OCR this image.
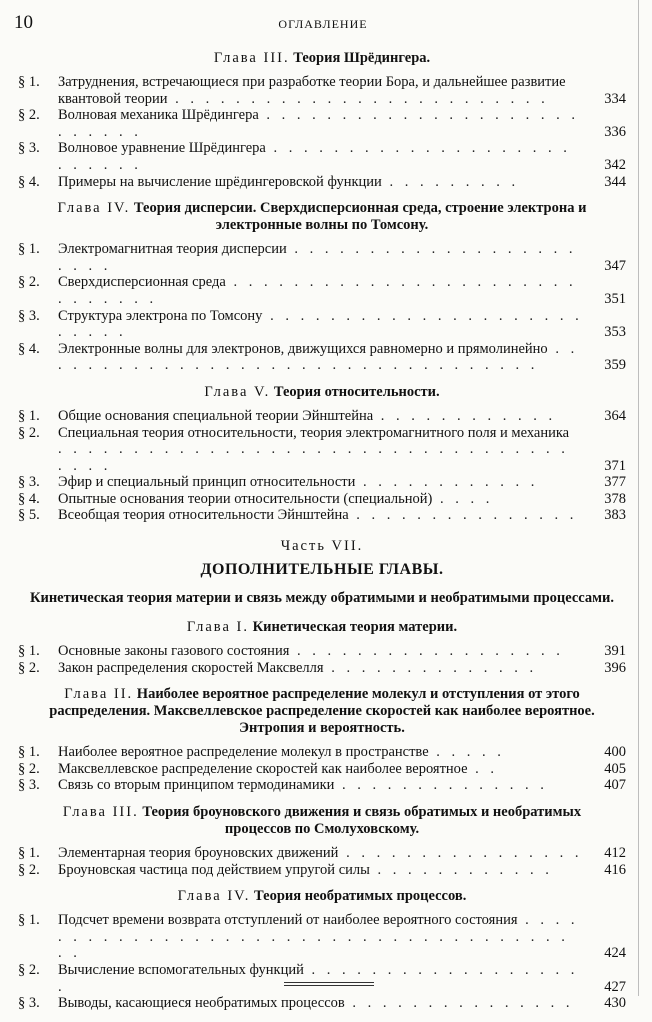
10	ОГЛАВЛЕНИЕ
Глава III. Теория Шрёдингера.
§ 1. Затруднения, встречающиеся при разработке теории Бора, и дальнейшее развитие квантовой теории . . . . . . . . . . . . . . . . . . . . . . . . .	334
§ 2. Волновая механика Шрёдингера . . . . . . . . . . . . . . . . . . . . . . . . . . .	336
§ 3. Волновое уравнение Шрёдингера . . . . . . . . . . . . . . . . . . . . . . . . . .	342
§ 4. Примеры на вычисление шрёдингеровской функции . . . . . . . . .	344
Глава IV. Теория дисперсии. Сверхдисперсионная среда, строение электрона и электронные волны по Томсону.
§ 1. Электромагнитная теория дисперсии . . . . . . . . . . . . . . . . . . . . . . .	347
§ 2. Сверхдисперсионная среда . . . . . . . . . . . . . . . . . . . . . . . . . . . . . .	351
§ 3. Структура электрона по Томсону . . . . . . . . . . . . . . . . . . . . . . . . . .	353
§ 4. Электронные волны для электронов, движущихся равномерно и прямолинейно . . . . . . . . . . . . . . . . . . . . . . . . . . . . . . . . . .	359
Глава V. Теория относительности.
§ 1. Общие основания специальной теории Эйнштейна . . . . . . . . . . . .	364
§ 2. Специальная теория относительности, теория электромагнитного поля и механика . . . . . . . . . . . . . . . . . . . . . . . . . . . . . . . . . . . . . .	371
§ 3. Эфир и специальный принцип относительности . . . . . . . . . . . .	377
§ 4. Опытные основания теории относительности (специальной) . . . .	378
§ 5. Всеобщая теория относительности Эйнштейна . . . . . . . . . . . . . . . 383
Часть VII.
ДОПОЛНИТЕЛЬНЫЕ ГЛАВЫ.
Кинетическая теория материи и связь между обратимыми и необратимыми процессами.
Глава I. Кинетическая теория материи.
§ 1. Основные законы газового состояния . . . . . . . . . . . . . . . . . .	391
§ 2. Закон распределения скоростей Максвелля . . . . . . . . . . . . . .	396
Глава II. Наиболее вероятное распределение молекул и отступления от этого распределения. Максвеллевское распределение скоростей как наиболее вероятное. Энтропия и вероятность.
§ 1. Наиболее вероятное распределение молекул в пространстве . . . . .	400
§ 2. Максвеллевское распределение скоростей как наиболее вероятное . .	405
§ 3. Связь со вторым принципом термодинамики . . . . . . . . . . . . . .	407
Глава III. Теория броуновского движения и связь обратимых и необратимых процессов по Смолуховскому.
§ 1. Элементарная теория броуновских движений . . . . . . . . . . . . . . . . 412
§ 2. Броуновская частица под действием упругой силы . . . . . . . . . . . .	416
Глава IV. Теория необратимых процессов.
§ 1. Подсчет времени возврата отступлений от наиболее вероятного состояния . . . . . . . . . . . . . . . . . . . . . . . . . . . . . . . . . . . . . . . .	424
§ 2. Вычисление вспомогательных функций . . . . . . . . . . . . . . . . . . .	427
§ 3. Выводы, касающиеся необратимых процессов . . . . . . . . . . . . . . . 430
